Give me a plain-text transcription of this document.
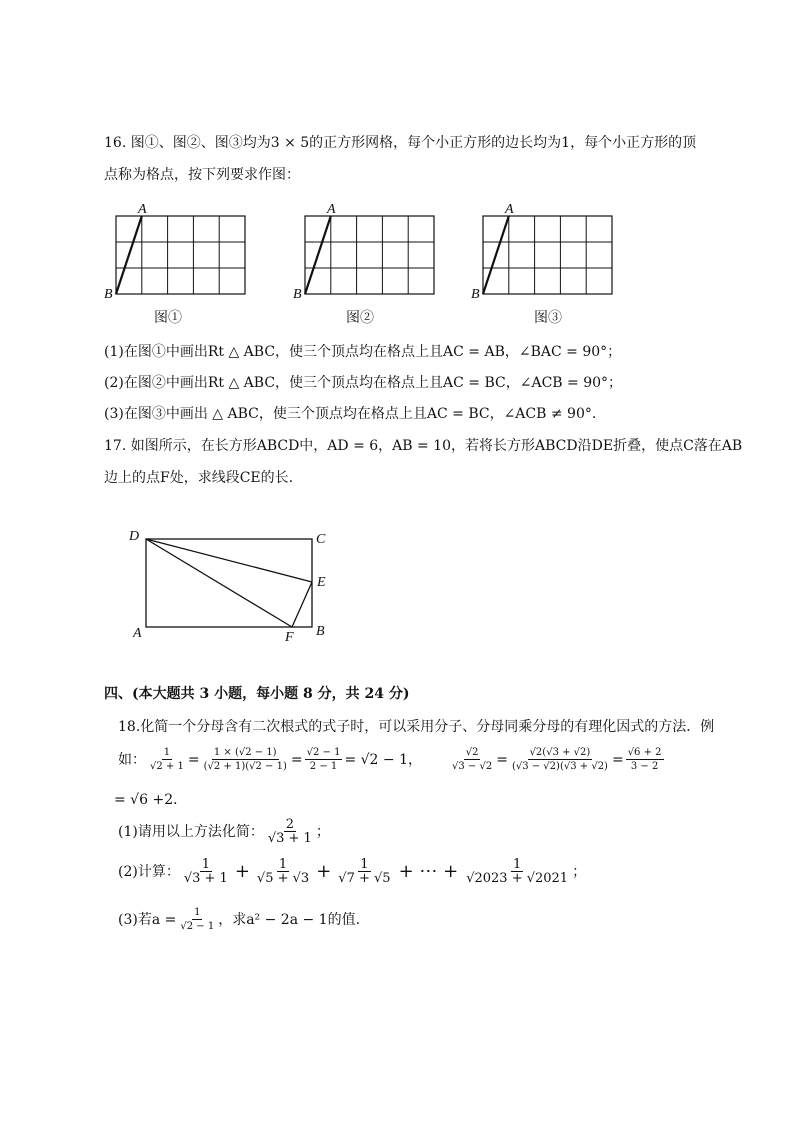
16. 图①、图②、图③均为3 × 5的正方形网格，每个小正方形的边长均为1，每个小正方形的顶
点称为格点，按下列要求作图：
A
B
A
B
A
B
图①	图②	图③
(1)在图①中画出Rt △ ABC，使三个顶点均在格点上且AC = AB，∠BAC = 90°；
(2)在图②中画出Rt △ ABC，使三个顶点均在格点上且AC = BC，∠ACB = 90°；
(3)在图③中画出 △ ABC，使三个顶点均在格点上且AC = BC，∠ACB ≠ 90°.
17. 如图所示，在长方形ABCD中，AD = 6，AB = 10，若将长方形ABCD沿DE折叠，使点C落在AB
边上的点F处，求线段CE的长.
D	C
E
A	F B
四、(本大题共 3 小题，每小题 8 分，共 24 分)
18.化简一个分母含有二次根式的式子时，可以采用分子、分母同乘分母的有理化因式的方法．例
如： $\frac{1}{√2 + 1} = \frac{1 \times (√2 - 1)}{(√2 + 1)(√2 - 1)} = \frac{√2 - 1}{2 - 1} = √2 - 1$，	$\frac{√2}{√3 - √2} = \frac{√2(√3 + √2)}{(√3 - √2)(√3 + √2)} = \frac{√6 + 2}{3 - 2}$
= √6 +2．
(1)请用以上方法化简： 2
√3 + 1 ；
(2)计算： 1
$√3 + 1 + \frac{1}{√5 + √3} + \frac{1}{√7 + √5}$ + ⋯ + $\frac{1}{√2023 + √2021}$ ；
(3)若$a = \frac{1}{√2 - 1}$ ，求a² − 2a − 1的值.
